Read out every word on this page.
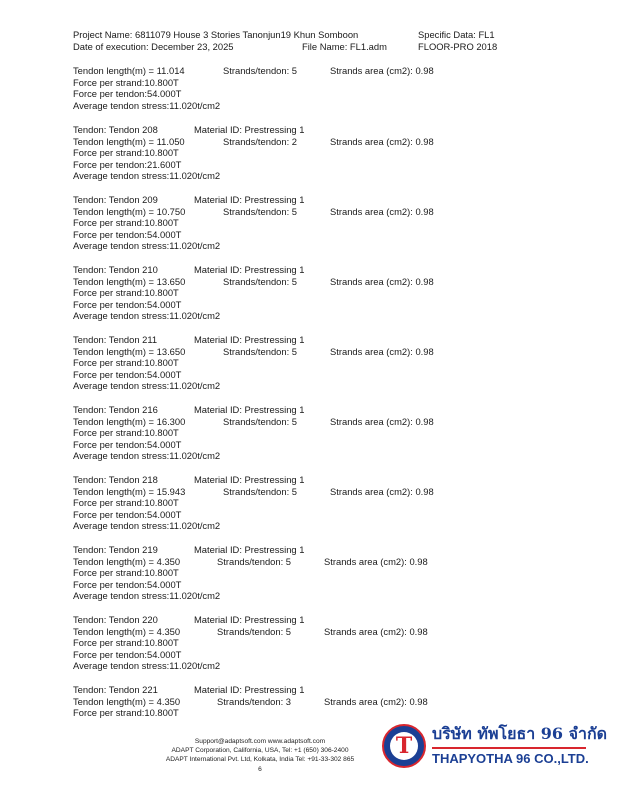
Project Name: 6811079 House 3 Stories Tanonjun19 Khun Somboon	Specific Data: FL1
Date of execution: December 23, 2025	File Name: FL1.adm	FLOOR-PRO 2018
Tendon length(m) = 11.014	Strands/tendon: 5	Strands area (cm2): 0.98
Force per strand:10.800T
Force per tendon:54.000T
Average tendon stress:11.020t/cm2
Tendon: Tendon 208	Material ID: Prestressing 1
Tendon length(m) = 11.050	Strands/tendon: 2	Strands area (cm2): 0.98
Force per strand:10.800T
Force per tendon:21.600T
Average tendon stress:11.020t/cm2
Tendon: Tendon 209	Material ID: Prestressing 1
Tendon length(m) = 10.750	Strands/tendon: 5	Strands area (cm2): 0.98
Force per strand:10.800T
Force per tendon:54.000T
Average tendon stress:11.020t/cm2
Tendon: Tendon 210	Material ID: Prestressing 1
Tendon length(m) = 13.650	Strands/tendon: 5	Strands area (cm2): 0.98
Force per strand:10.800T
Force per tendon:54.000T
Average tendon stress:11.020t/cm2
Tendon: Tendon 211	Material ID: Prestressing 1
Tendon length(m) = 13.650	Strands/tendon: 5	Strands area (cm2): 0.98
Force per strand:10.800T
Force per tendon:54.000T
Average tendon stress:11.020t/cm2
Tendon: Tendon 216	Material ID: Prestressing 1
Tendon length(m) = 16.300	Strands/tendon: 5	Strands area (cm2): 0.98
Force per strand:10.800T
Force per tendon:54.000T
Average tendon stress:11.020t/cm2
Tendon: Tendon 218	Material ID: Prestressing 1
Tendon length(m) = 15.943	Strands/tendon: 5	Strands area (cm2): 0.98
Force per strand:10.800T
Force per tendon:54.000T
Average tendon stress:11.020t/cm2
Tendon: Tendon 219	Material ID: Prestressing 1
Tendon length(m) = 4.350	Strands/tendon: 5	Strands area (cm2): 0.98
Force per strand:10.800T
Force per tendon:54.000T
Average tendon stress:11.020t/cm2
Tendon: Tendon 220	Material ID: Prestressing 1
Tendon length(m) = 4.350	Strands/tendon: 5	Strands area (cm2): 0.98
Force per strand:10.800T
Force per tendon:54.000T
Average tendon stress:11.020t/cm2
Tendon: Tendon 221	Material ID: Prestressing 1
Tendon length(m) = 4.350	Strands/tendon: 3	Strands area (cm2): 0.98
Force per strand:10.800T
Support@adaptsoft.com www.adaptsoft.com
ADAPT Corporation, California, USA, Tel: +1 (650) 306-2400
ADAPT International Pvt. Ltd, Kolkata, India Tel: +91-33-302 865
6
T	บริษัท ทัพโยธา 96 จำกัด
THAPYOTHA 96 CO.,LTD.
